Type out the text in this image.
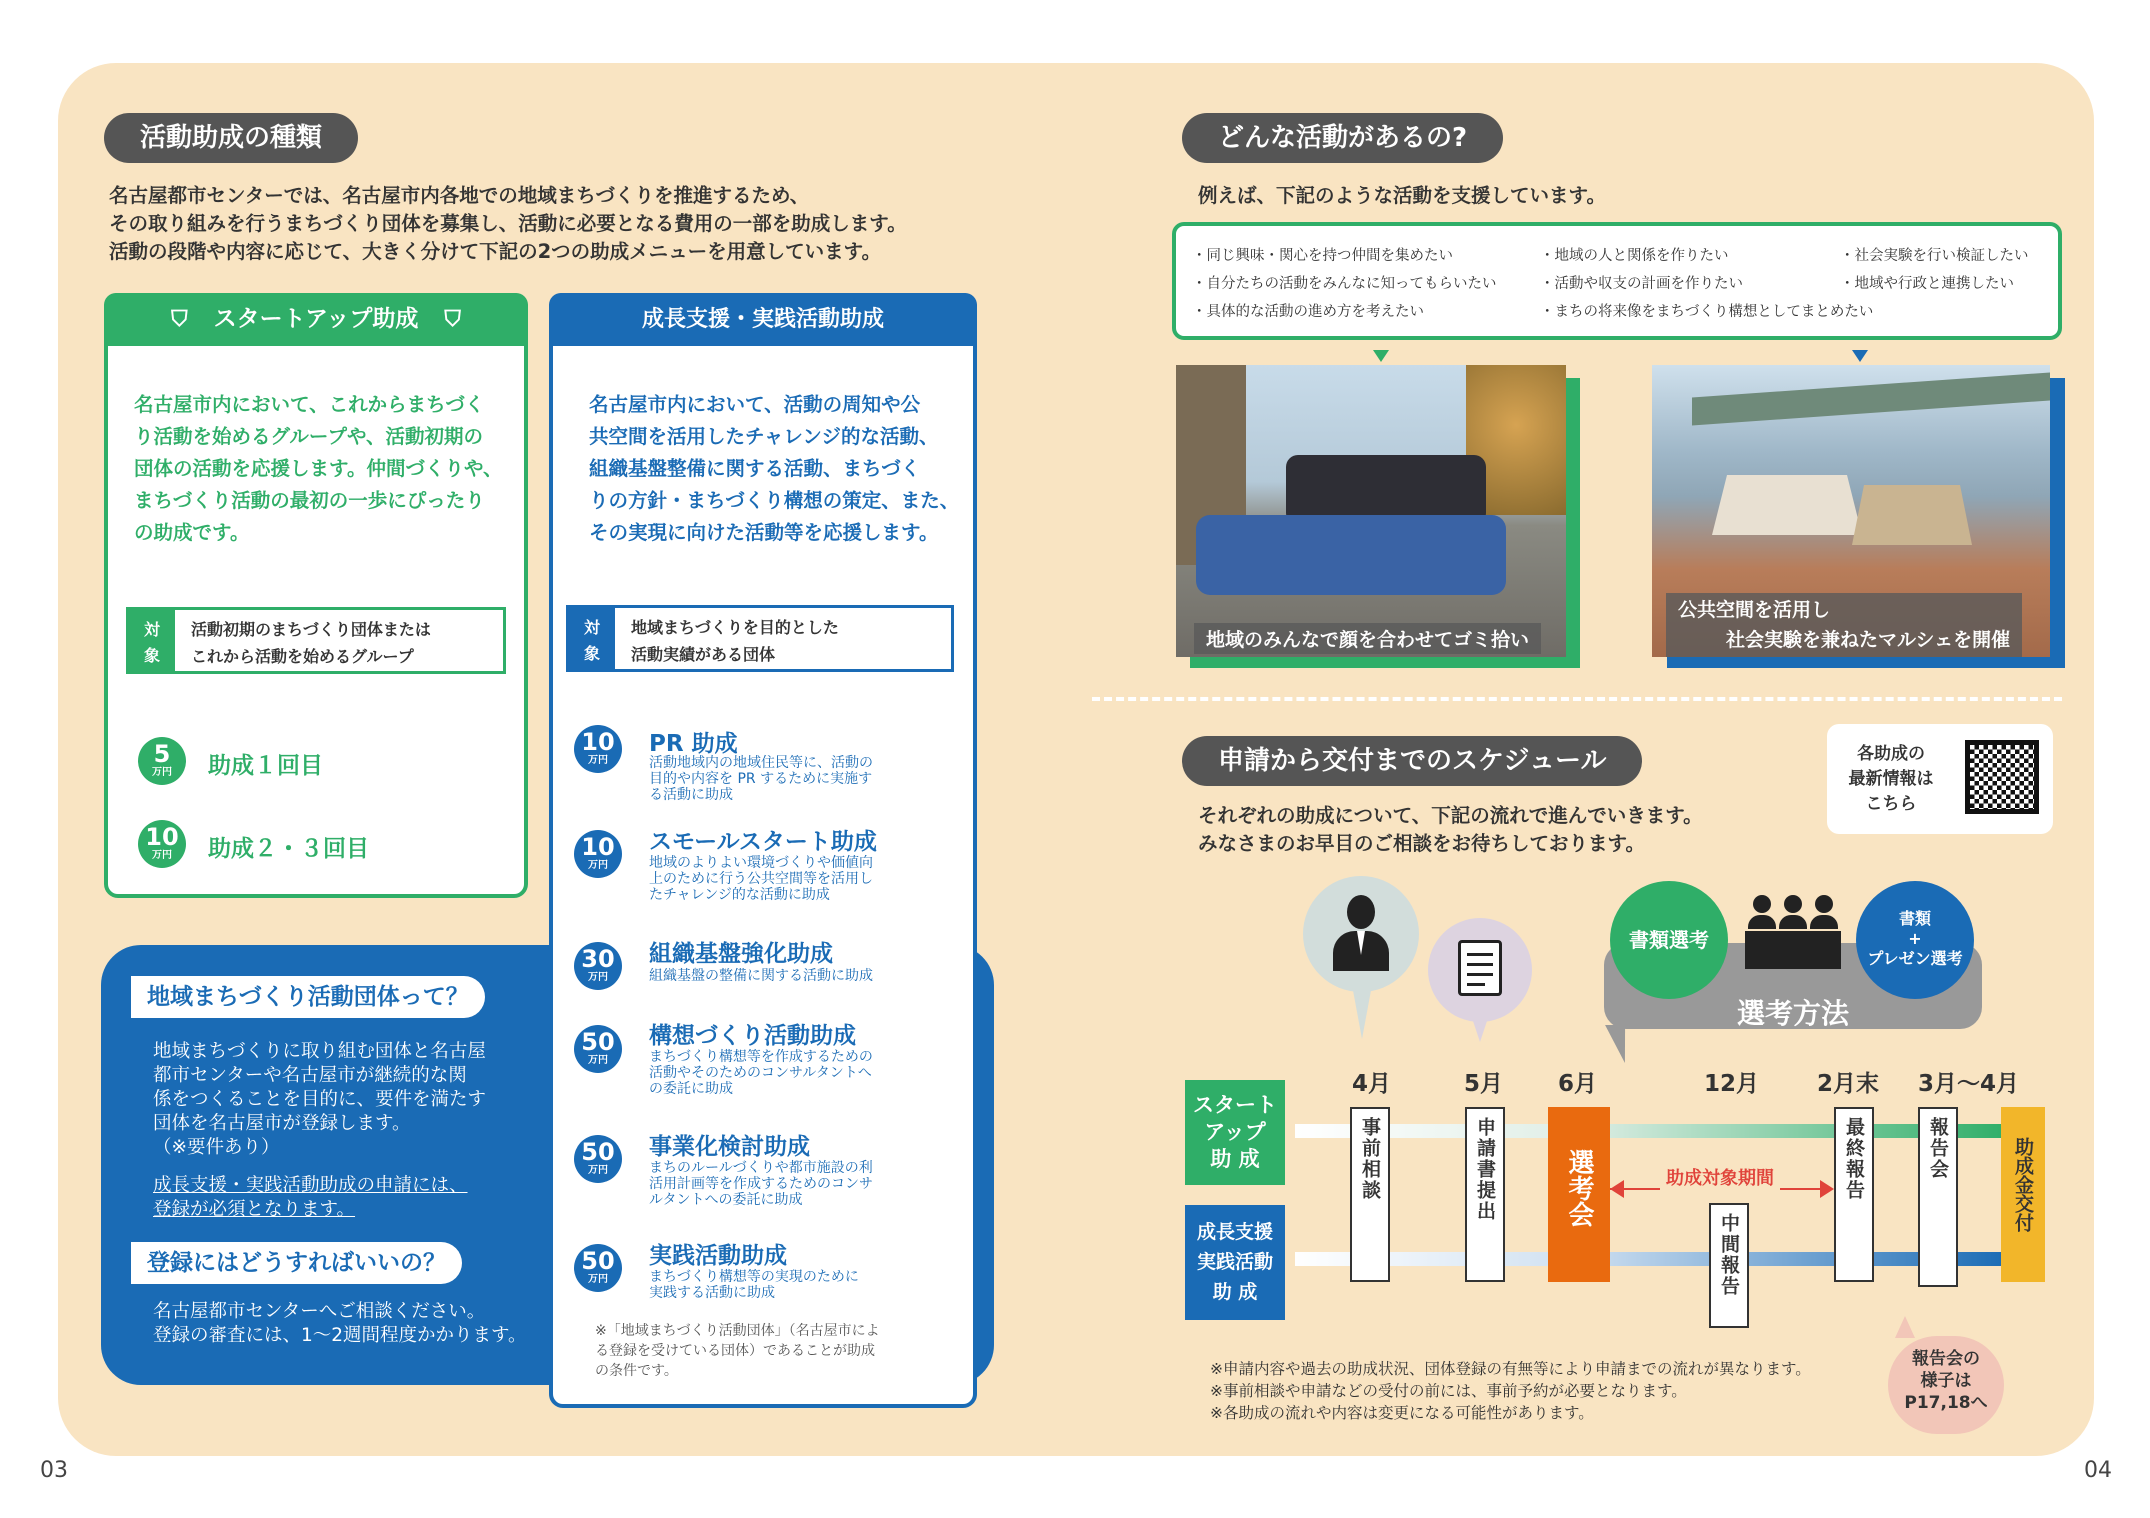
活動助成の種類
名古屋都市センターでは、名古屋市内各地での地域まちづくりを推進するため、
その取り組みを行うまちづくり団体を募集し、活動に必要となる費用の一部を助成します。
活動の段階や内容に応じて、大きく分けて下記の2つの助成メニューを用意しています。
⛉ スタートアップ助成 ⛉
名古屋市内において、これからまちづく
り活動を始めるグループや、活動初期の
団体の活動を応援します。仲間づくりや、
まちづくり活動の最初の一歩にぴったり
の助成です。
対
象
活動初期のまちづくり団体または
これから活動を始めるグループ
5
万円	助成１回目
10
万円	助成２・３回目
地域まちづくり活動団体って？
地域まちづくりに取り組む団体と名古屋
都市センターや名古屋市が継続的な関
係をつくることを目的に、要件を満たす
団体を名古屋市が登録します。
（※要件あり）
成長支援・実践活動助成の申請には、
登録が必須となります。
登録にはどうすればいいの？
名古屋都市センターへご相談ください。
登録の審査には、1〜2週間程度かかります。
成長支援・実践活動助成
名古屋市内において、活動の周知や公
共空間を活用したチャレンジ的な活動、
組織基盤整備に関する活動、まちづく
りの方針・まちづくり構想の策定、また、
その実現に向けた活動等を応援します。
対
象
地域まちづくりを目的とした
活動実績がある団体
10
万円
PR 助成
活動地域内の地域住民等に、活動の
目的や内容を PR するために実施す
る活動に助成
10
万円
スモールスタート助成
地域のよりよい環境づくりや価値向
上のために行う公共空間等を活用し
たチャレンジ的な活動に助成
30
万円
組織基盤強化助成
組織基盤の整備に関する活動に助成
50
万円
構想づくり活動助成
まちづくり構想等を作成するための
活動やそのためのコンサルタントへ
の委託に助成
50
万円
事業化検討助成
まちのルールづくりや都市施設の利
活用計画等を作成するためのコンサ
ルタントへの委託に助成
50
万円
実践活動助成
まちづくり構想等の実現のために
実践する活動に助成
※「地域まちづくり活動団体」（名古屋市によ
る登録を受けている団体）であることが助成
の条件です。
03
どんな活動があるの?
例えば、下記のような活動を支援しています。
・同じ興味・関心を持つ仲間を集めたい
・自分たちの活動をみんなに知ってもらいたい
・具体的な活動の進め方を考えたい
・地域の人と関係を作りたい
・活動や収支の計画を作りたい
・まちの将来像をまちづくり構想としてまとめたい
・社会実験を行い検証したい
・地域や行政と連携したい
地域のみんなで顔を合わせてゴミ拾い
公共空間を活用し
社会実験を兼ねたマルシェを開催
申請から交付までのスケジュール
それぞれの助成について、下記の流れで進んでいきます。
みなさまのお早目のご相談をお待ちしております。
各助成の
最新情報は
こちら
選考方法
書類選考
書類
+
プレゼン選考
4月	5月 6月	12月	2月末 3月〜4月
スタート
アップ
助 成
成長支援
実践活動
助 成
事前相談	申請書提出	選考会	助成対象期間
中間報告
最終報告	報告会	助成金交付
報告会の
様子は
P17,18へ
※申請内容や過去の助成状況、団体登録の有無等により申請までの流れが異なります。
※事前相談や申請などの受付の前には、事前予約が必要となります。
※各助成の流れや内容は変更になる可能性があります。
04
